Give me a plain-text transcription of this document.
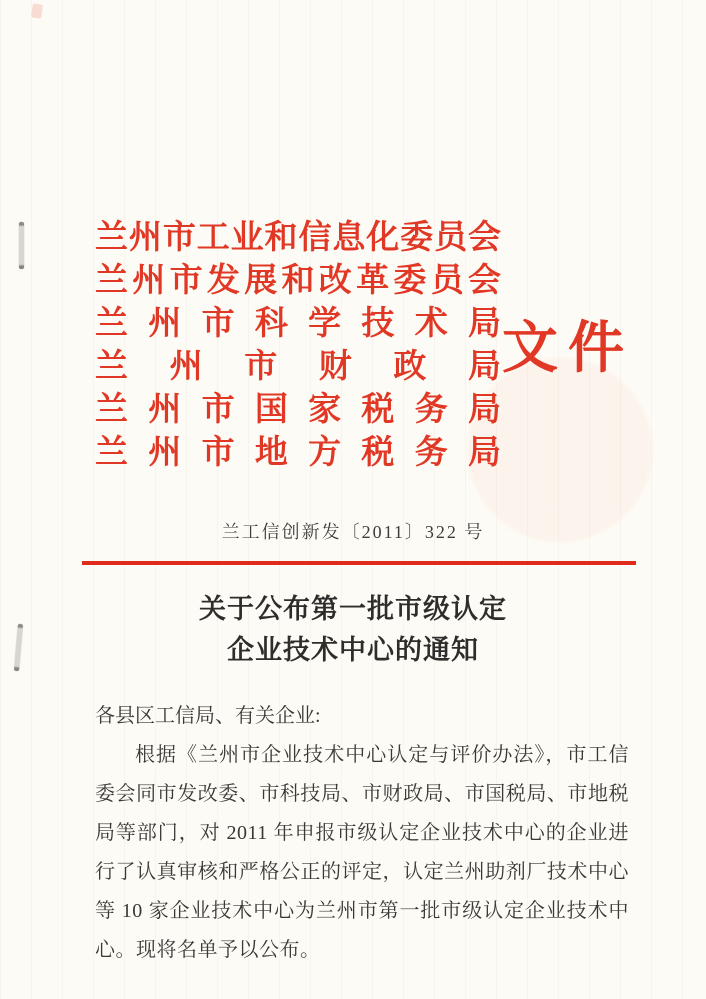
兰州市工业和信息化委员会
兰州市发展和改革委员会
兰州市科学技术局
兰州市财政局
兰州市国家税务局
兰州市地方税务局
文件
兰工信创新发〔2011〕322 号
关于公布第一批市级认定
企业技术中心的通知
各县区工信局、有关企业:

根据《兰州市企业技术中心认定与评价办法》，市工信委会同市发改委、市科技局、市财政局、市国税局、市地税局等部门，对 2011 年申报市级认定企业技术中心的企业进行了认真审核和严格公正的评定，认定兰州助剂厂技术中心等 10 家企业技术中心为兰州市第一批市级认定企业技术中心。现将名单予以公布。
